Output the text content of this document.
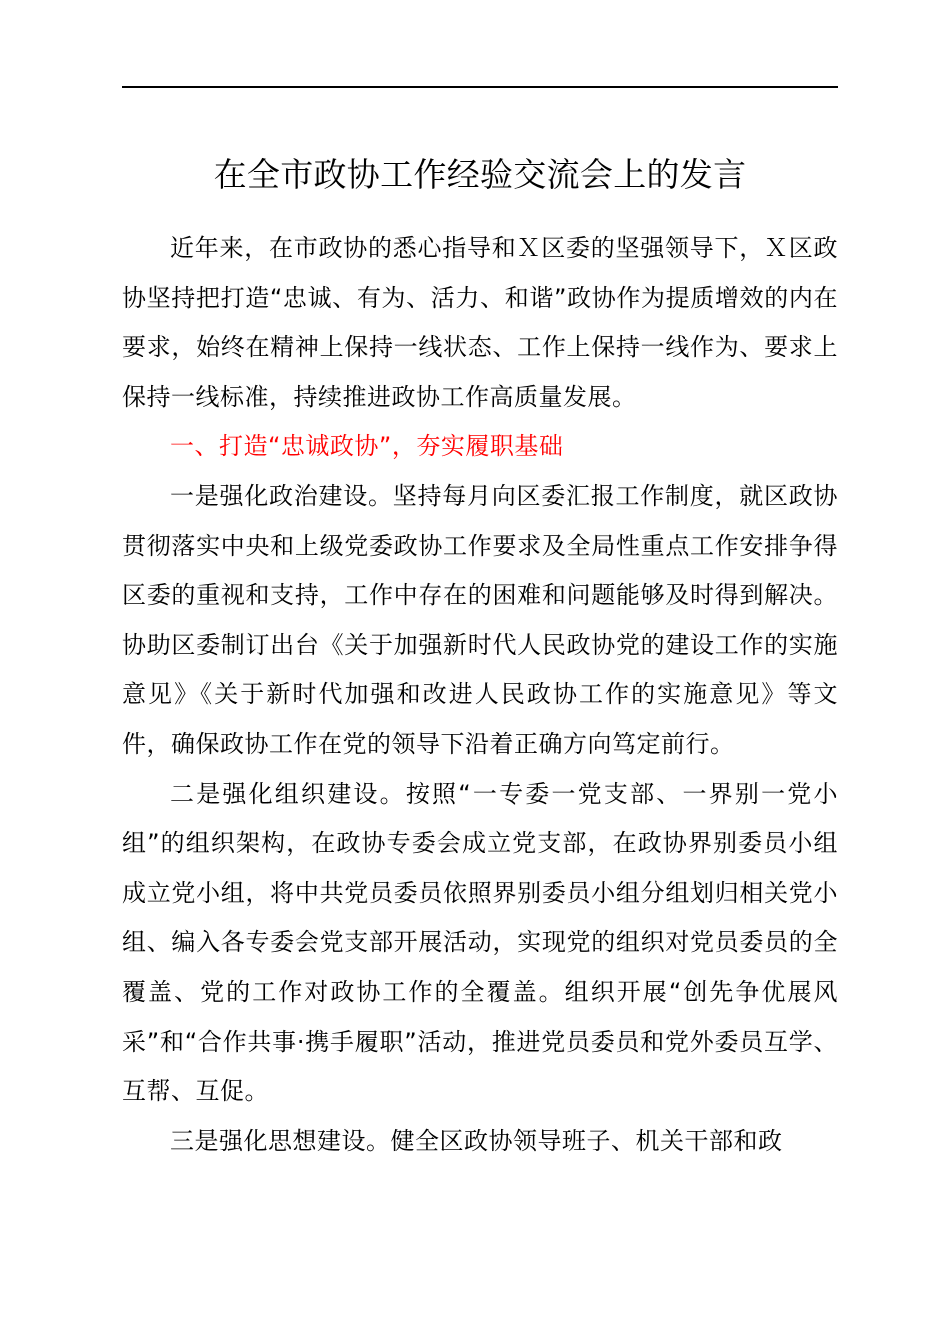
在全市政协工作经验交流会上的发言

近年来，在市政协的悉心指导和Ｘ区委的坚强领导下，Ｘ区政协坚持把打造“忠诚、有为、活力、和谐”政协作为提质增效的内在要求，始终在精神上保持一线状态、工作上保持一线作为、要求上保持一线标准，持续推进政协工作高质量发展。

一、打造“忠诚政协”，夯实履职基础

一是强化政治建设。坚持每月向区委汇报工作制度，就区政协贯彻落实中央和上级党委政协工作要求及全局性重点工作安排争得区委的重视和支持，工作中存在的困难和问题能够及时得到解决。协助区委制订出台《关于加强新时代人民政协党的建设工作的实施意见》《关于新时代加强和改进人民政协工作的实施意见》等文件，确保政协工作在党的领导下沿着正确方向笃定前行。

二是强化组织建设。按照“一专委一党支部、一界别一党小组”的组织架构，在政协专委会成立党支部，在政协界别委员小组成立党小组，将中共党员委员依照界别委员小组分组划归相关党小组、编入各专委会党支部开展活动，实现党的组织对党员委员的全覆盖、党的工作对政协工作的全覆盖。组织开展“创先争优展风采”和“合作共事·携手履职”活动，推进党员委员和党外委员互学、互帮、互促。

三是强化思想建设。健全区政协领导班子、机关干部和政
